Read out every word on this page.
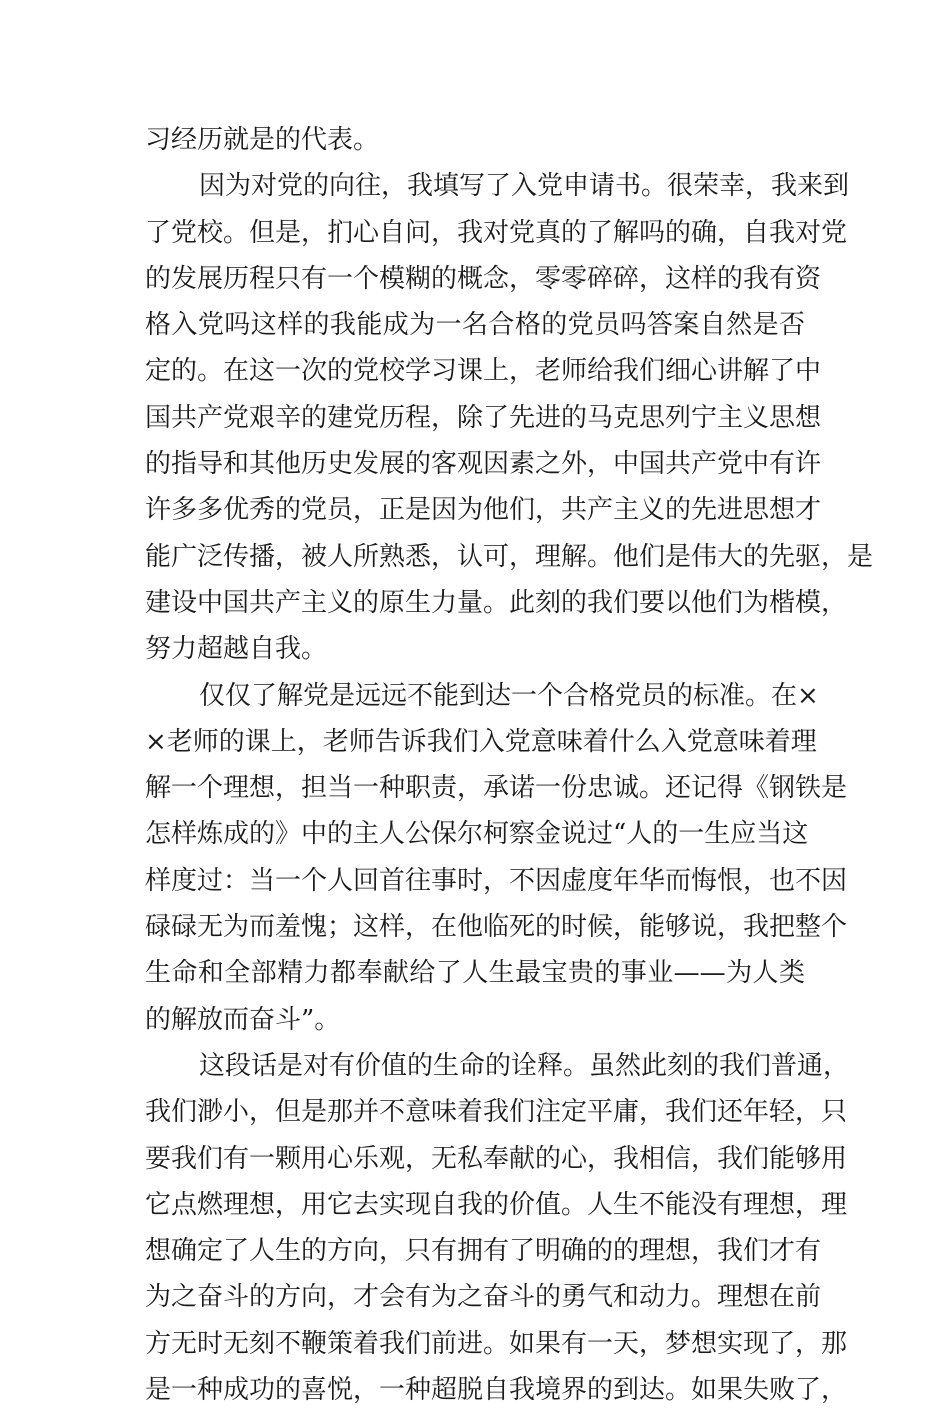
习经历就是的代表。
因为对党的向往，我填写了入党申请书。很荣幸，我来到
了党校。但是，扪心自问，我对党真的了解吗的确，自我对党
的发展历程只有一个模糊的概念，零零碎碎，这样的我有资
格入党吗这样的我能成为一名合格的党员吗答案自然是否
定的。在这一次的党校学习课上，老师给我们细心讲解了中
国共产党艰辛的建党历程，除了先进的马克思列宁主义思想
的指导和其他历史发展的客观因素之外，中国共产党中有许
许多多优秀的党员，正是因为他们，共产主义的先进思想才
能广泛传播，被人所熟悉，认可，理解。他们是伟大的先驱，是
建设中国共产主义的原生力量。此刻的我们要以他们为楷模，
努力超越自我。
仅仅了解党是远远不能到达一个合格党员的标准。在×
×老师的课上，老师告诉我们入党意味着什么入党意味着理
解一个理想，担当一种职责，承诺一份忠诚。还记得《钢铁是
怎样炼成的》中的主人公保尔柯察金说过“人的一生应当这
样度过：当一个人回首往事时，不因虚度年华而悔恨，也不因
碌碌无为而羞愧；这样，在他临死的时候，能够说，我把整个
生命和全部精力都奉献给了人生最宝贵的事业——为人类
的解放而奋斗”。
这段话是对有价值的生命的诠释。虽然此刻的我们普通，
我们渺小，但是那并不意味着我们注定平庸，我们还年轻，只
要我们有一颗用心乐观，无私奉献的心，我相信，我们能够用
它点燃理想，用它去实现自我的价值。人生不能没有理想，理
想确定了人生的方向，只有拥有了明确的的理想，我们才有
为之奋斗的方向，才会有为之奋斗的勇气和动力。理想在前
方无时无刻不鞭策着我们前进。如果有一天，梦想实现了，那
是一种成功的喜悦，一种超脱自我境界的到达。如果失败了，
